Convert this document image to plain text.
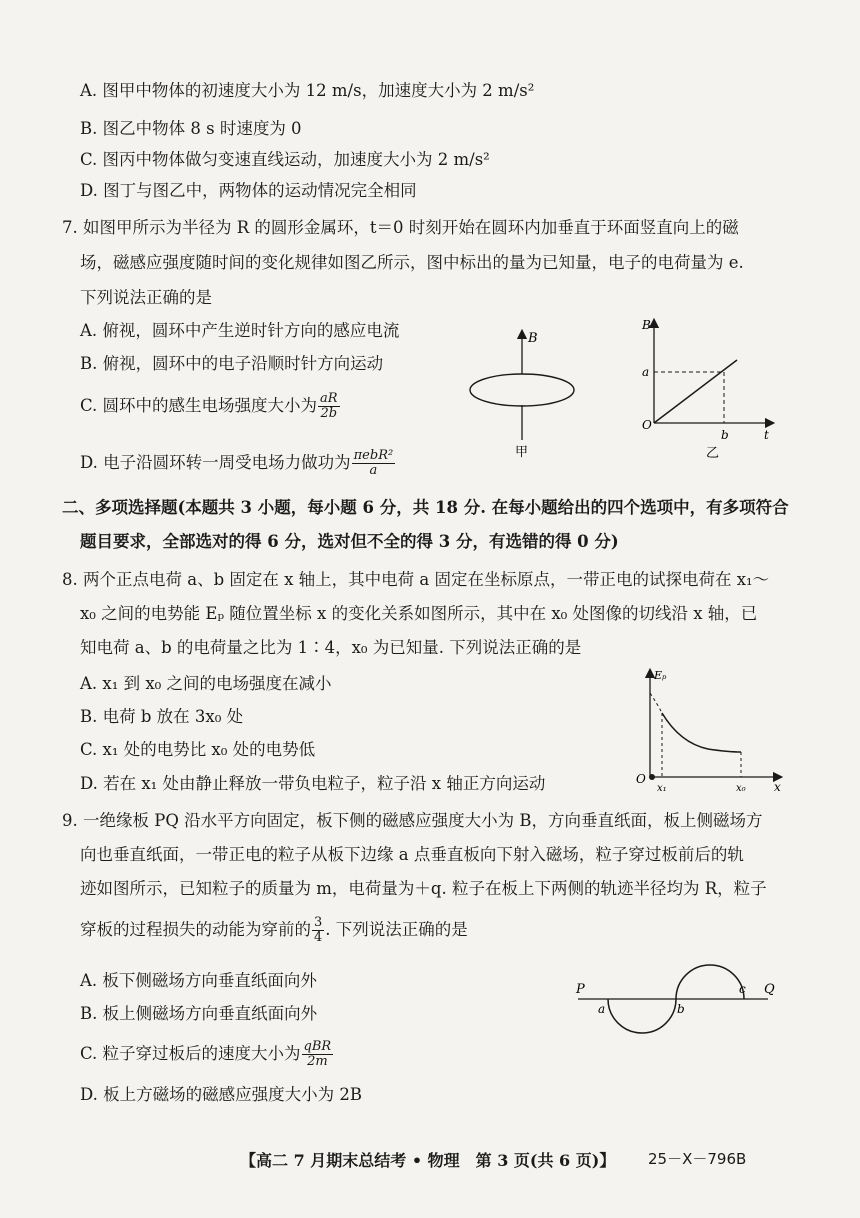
A. 图甲中物体的初速度大小为 12 m/s，加速度大小为 2 m/s²
B. 图乙中物体 8 s 时速度为 0
C. 图丙中物体做匀变速直线运动，加速度大小为 2 m/s²
D. 图丁与图乙中，两物体的运动情况完全相同
7. 如图甲所示为半径为 R 的圆形金属环，t＝0 时刻开始在圆环内加垂直于环面竖直向上的磁
场，磁感应强度随时间的变化规律如图乙所示，图中标出的量为已知量，电子的电荷量为 e.
下列说法正确的是
A. 俯视，圆环中产生逆时针方向的感应电流
B. 俯视，圆环中的电子沿顺时针方向运动
C. 圆环中的感生电场强度大小为 $\frac{aR}{2b}$
D. 电子沿圆环转一周受电场力做功为 $\frac{\text{πebR²}}{a}$
B
甲
B
t
O
a
b
乙
二、多项选择题(本题共 3 小题，每小题 6 分，共 18 分. 在每小题给出的四个选项中，有多项符合
题目要求，全部选对的得 6 分，选对但不全的得 3 分，有选错的得 0 分)
8. 两个正点电荷 a、b 固定在 x 轴上，其中电荷 a 固定在坐标原点，一带正电的试探电荷在 x₁～
x₀ 之间的电势能 Eₚ 随位置坐标 x 的变化关系如图所示，其中在 x₀ 处图像的切线沿 x 轴，已
知电荷 a、b 的电荷量之比为 1∶4，x₀ 为已知量. 下列说法正确的是
A. x₁ 到 x₀ 之间的电场强度在减小
B. 电荷 b 放在 3x₀ 处
C. x₁ 处的电势比 x₀ 处的电势低
D. 若在 x₁ 处由静止释放一带负电粒子，粒子沿 x 轴正方向运动
Eₚ
x
O
x₁	x₀
9. 一绝缘板 PQ 沿水平方向固定，板下侧的磁感应强度大小为 B，方向垂直纸面，板上侧磁场方
向也垂直纸面，一带正电的粒子从板下边缘 a 点垂直板向下射入磁场，粒子穿过板前后的轨
迹如图所示，已知粒子的质量为 m，电荷量为＋q. 粒子在板上下两侧的轨迹半径均为 R，粒子
穿板的过程损失的动能为穿前的 $\frac{3}{4}$ . 下列说法正确的是
A. 板下侧磁场方向垂直纸面向外
B. 板上侧磁场方向垂直纸面向外
C. 粒子穿过板后的速度大小为 $\frac{\text{qBR}}{2m}$
D. 板上方磁场的磁感应强度大小为 2B
P	Q
a	b
c
【高二 7 月期末总结考 • 物理　第 3 页(共 6 页)】 25－X－796B
